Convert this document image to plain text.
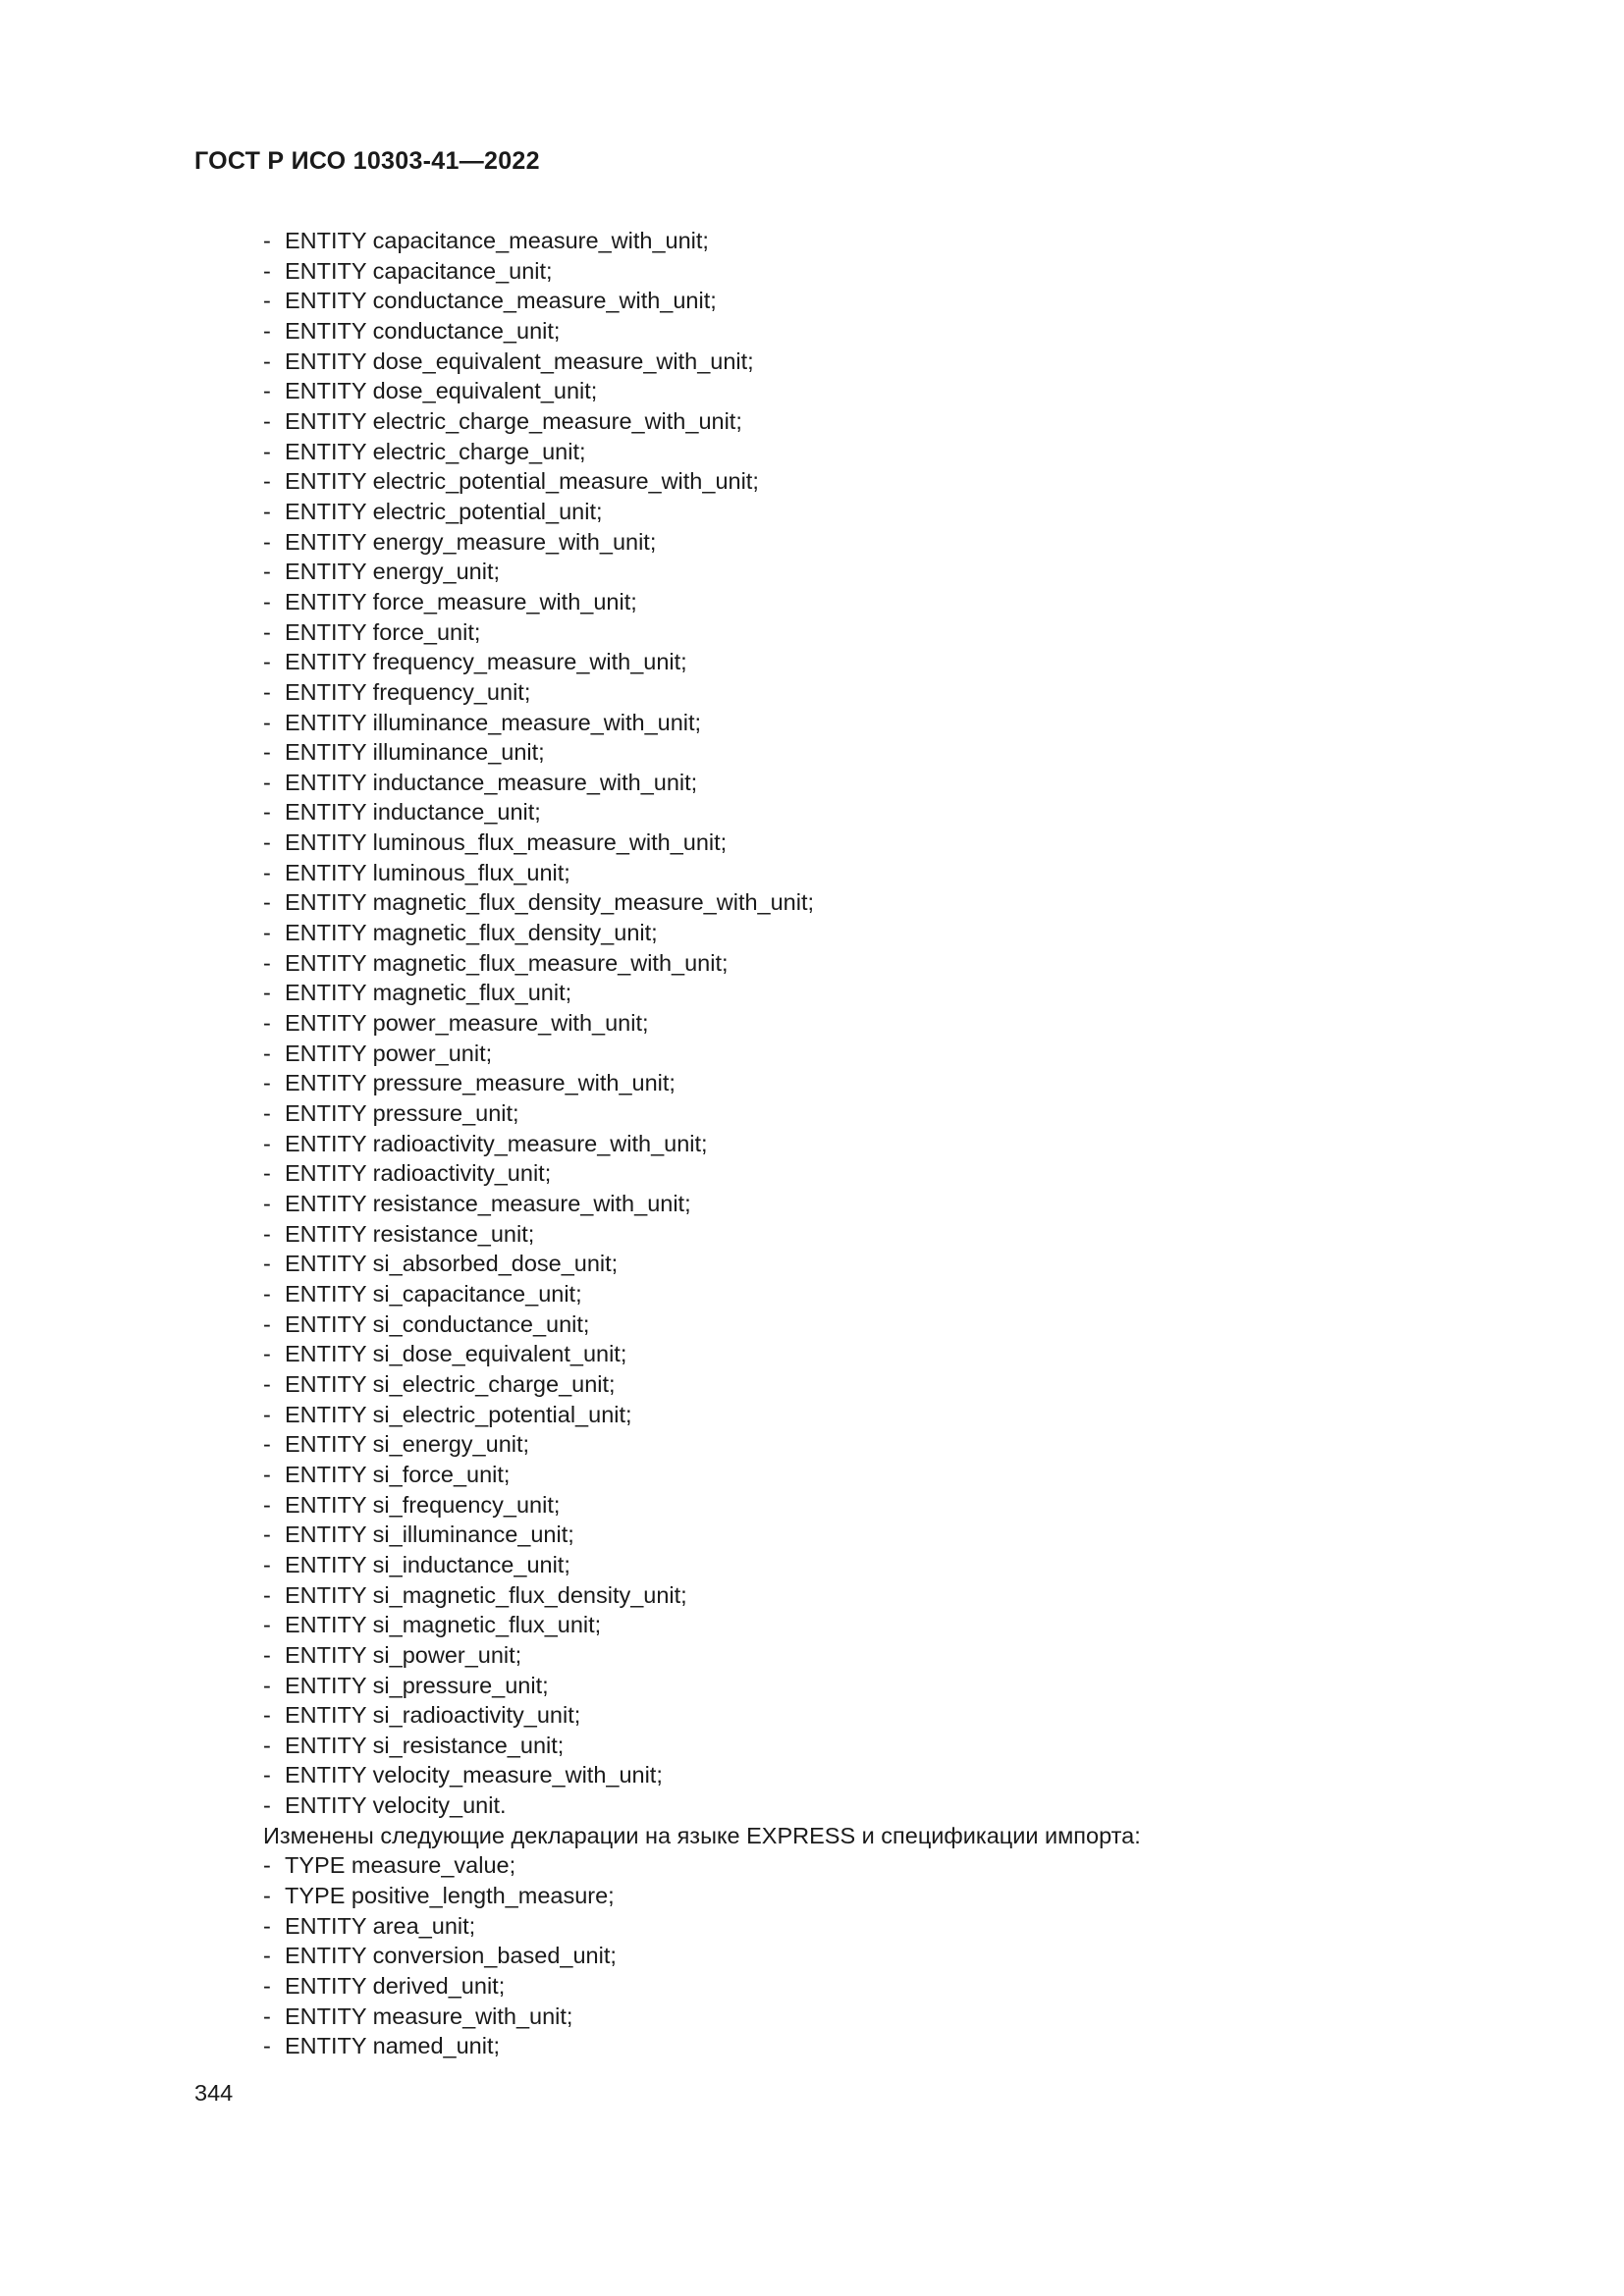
ГОСТ Р ИСО 10303-41—2022
- ENTITY capacitance_measure_with_unit;
- ENTITY capacitance_unit;
- ENTITY conductance_measure_with_unit;
- ENTITY conductance_unit;
- ENTITY dose_equivalent_measure_with_unit;
- ENTITY dose_equivalent_unit;
- ENTITY electric_charge_measure_with_unit;
- ENTITY electric_charge_unit;
- ENTITY electric_potential_measure_with_unit;
- ENTITY electric_potential_unit;
- ENTITY energy_measure_with_unit;
- ENTITY energy_unit;
- ENTITY force_measure_with_unit;
- ENTITY force_unit;
- ENTITY frequency_measure_with_unit;
- ENTITY frequency_unit;
- ENTITY illuminance_measure_with_unit;
- ENTITY illuminance_unit;
- ENTITY inductance_measure_with_unit;
- ENTITY inductance_unit;
- ENTITY luminous_flux_measure_with_unit;
- ENTITY luminous_flux_unit;
- ENTITY magnetic_flux_density_measure_with_unit;
- ENTITY magnetic_flux_density_unit;
- ENTITY magnetic_flux_measure_with_unit;
- ENTITY magnetic_flux_unit;
- ENTITY power_measure_with_unit;
- ENTITY power_unit;
- ENTITY pressure_measure_with_unit;
- ENTITY pressure_unit;
- ENTITY radioactivity_measure_with_unit;
- ENTITY radioactivity_unit;
- ENTITY resistance_measure_with_unit;
- ENTITY resistance_unit;
- ENTITY si_absorbed_dose_unit;
- ENTITY si_capacitance_unit;
- ENTITY si_conductance_unit;
- ENTITY si_dose_equivalent_unit;
- ENTITY si_electric_charge_unit;
- ENTITY si_electric_potential_unit;
- ENTITY si_energy_unit;
- ENTITY si_force_unit;
- ENTITY si_frequency_unit;
- ENTITY si_illuminance_unit;
- ENTITY si_inductance_unit;
- ENTITY si_magnetic_flux_density_unit;
- ENTITY si_magnetic_flux_unit;
- ENTITY si_power_unit;
- ENTITY si_pressure_unit;
- ENTITY si_radioactivity_unit;
- ENTITY si_resistance_unit;
- ENTITY velocity_measure_with_unit;
- ENTITY velocity_unit.
Изменены следующие декларации на языке EXPRESS и спецификации импорта:
- TYPE measure_value;
- TYPE positive_length_measure;
- ENTITY area_unit;
- ENTITY conversion_based_unit;
- ENTITY derived_unit;
- ENTITY measure_with_unit;
- ENTITY named_unit;
344
